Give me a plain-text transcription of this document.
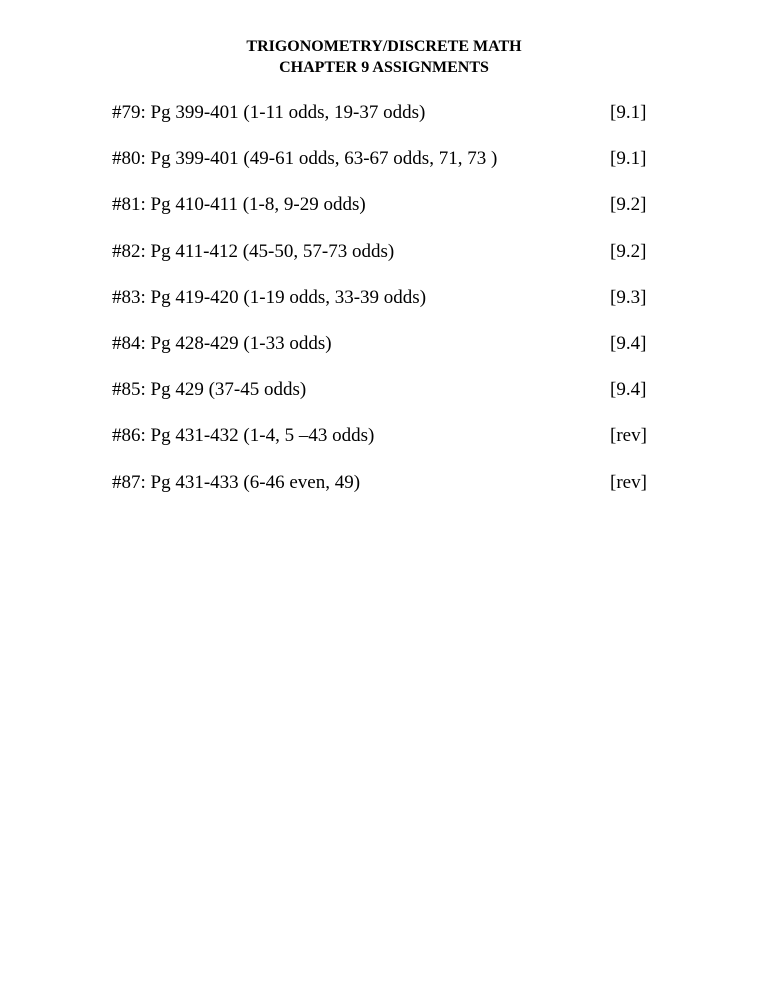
TRIGONOMETRY/DISCRETE MATH
CHAPTER 9 ASSIGNMENTS
#79: Pg 399-401 (1-11 odds, 19-37 odds)	[9.1]
#80: Pg 399-401 (49-61 odds, 63-67 odds, 71, 73 )	[9.1]
#81: Pg 410-411 (1-8, 9-29 odds)	[9.2]
#82: Pg 411-412 (45-50, 57-73 odds)	[9.2]
#83: Pg 419-420 (1-19 odds, 33-39 odds)	[9.3]
#84: Pg 428-429 (1-33 odds)	[9.4]
#85: Pg 429 (37-45 odds)	[9.4]
#86: Pg 431-432 (1-4, 5 –43 odds)	[rev]
#87: Pg 431-433 (6-46 even, 49)	[rev]
